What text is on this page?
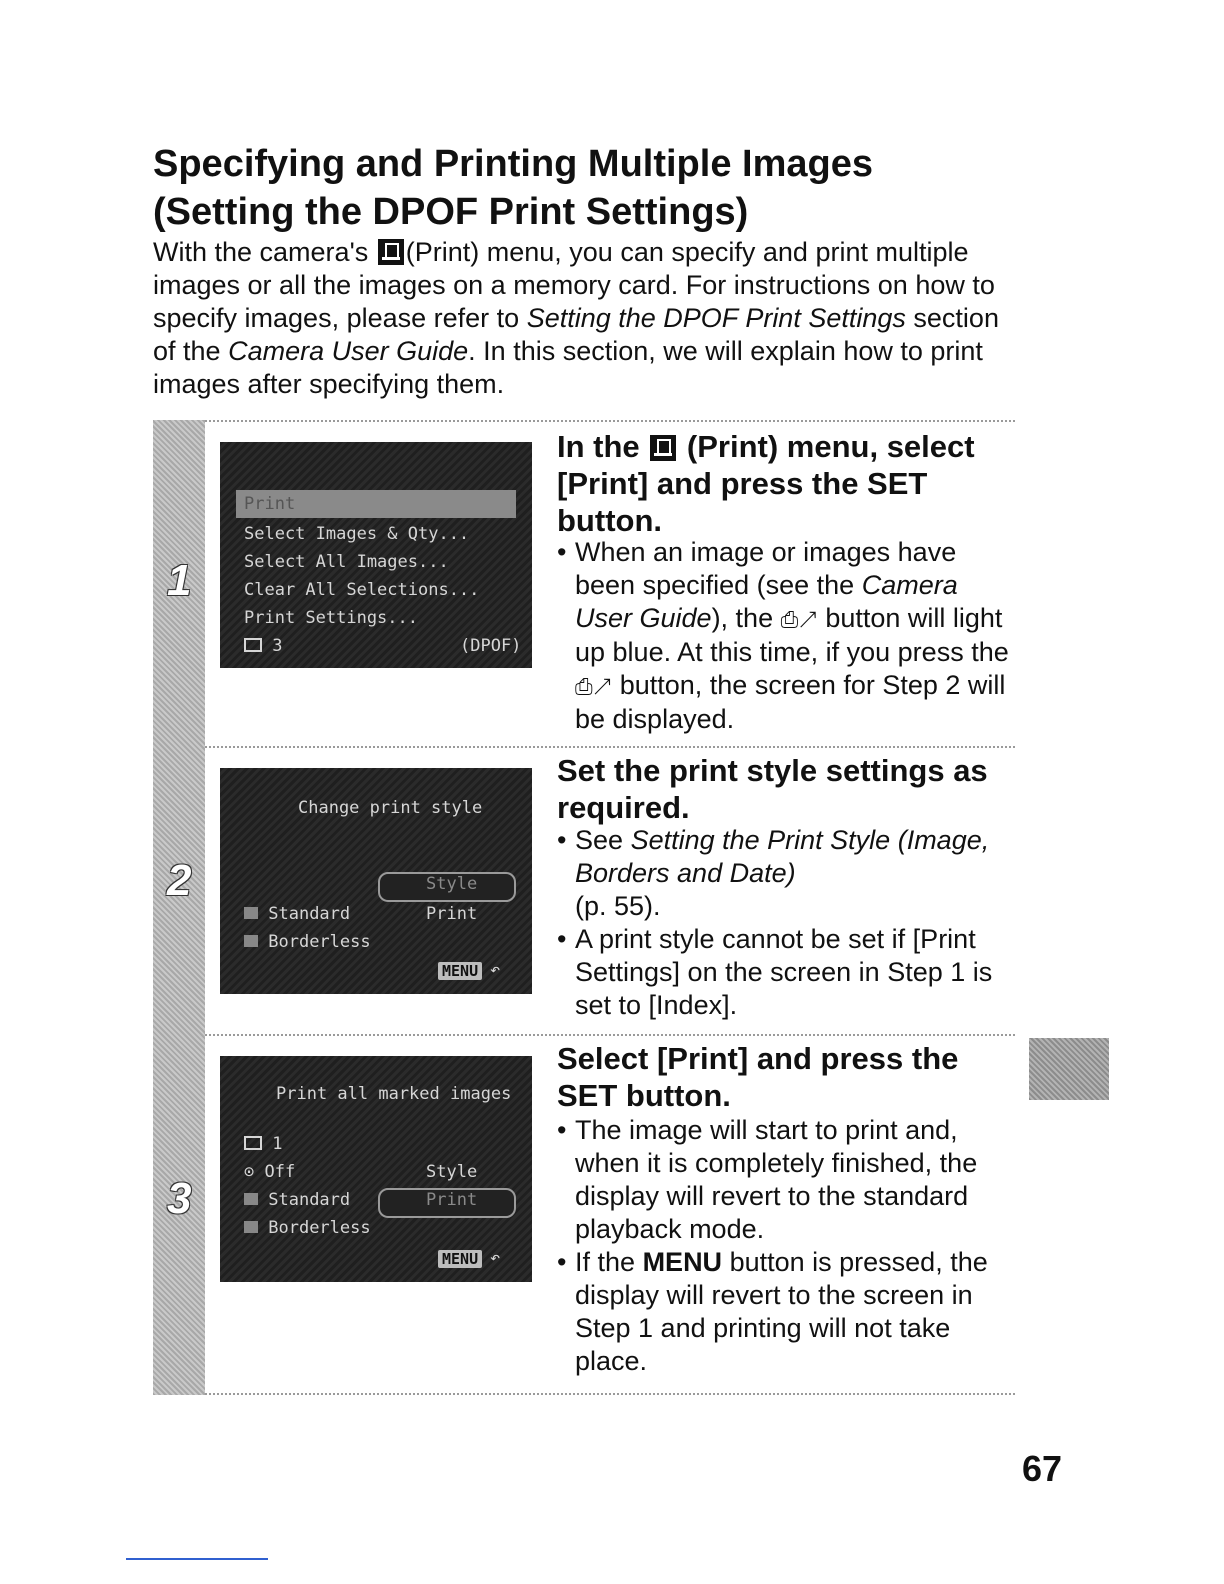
Specifying and Printing Multiple Images
(Setting the DPOF Print Settings)

With the camera's (Print) menu, you can specify and print multiple images or all the images on a memory card. For instructions on how to specify images, please refer to Setting the DPOF Print Settings section of the Camera User Guide. In this section, we will explain how to print images after specifying them.

1
Print
Select Images & Qty...
Select All Images...
Clear All Selections...
Print Settings...
3	(DPOF)
In the (Print) menu, select [Print] and press the SET button.
• When an image or images have been specified (see the Camera User Guide), the ⎙↗ button will light up blue. At this time, if you press the ⎙↗ button, the screen for Step 2 will be displayed.
2
Change print style
Style
Standard	Print
Borderless
MENU ↶
Set the print style settings as required.
• See Setting the Print Style (Image, Borders and Date)
(p. 55).
• A print style cannot be set if [Print Settings] on the screen in Step 1 is set to [Index].
3
Print all marked images
1
⊙ Off	Style
Standard	Print
Borderless
MENU ↶
Select [Print] and press the SET button.
• The image will start to print and, when it is completely finished, the display will revert to the standard playback mode.
• If the MENU button is pressed, the display will revert to the screen in Step 1 and printing will not take place.
67
